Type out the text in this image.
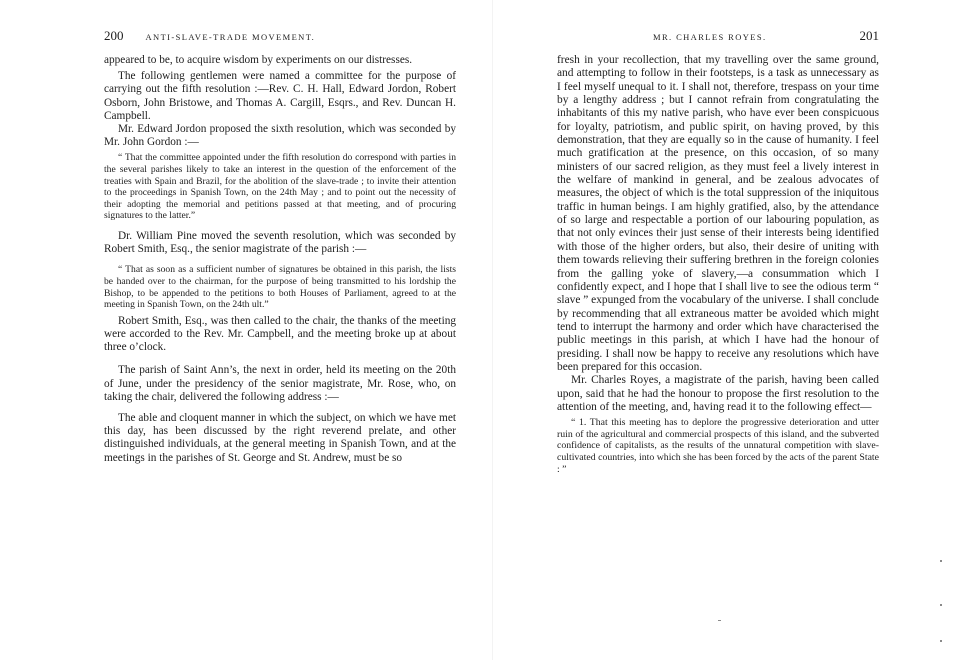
200	ANTI-SLAVE-TRADE MOVEMENT.

appeared to be, to acquire wisdom by experiments on our distresses.

The following gentlemen were named a committee for the purpose of carrying out the fifth resolution :—Rev. C. H. Hall, Edward Jordon, Robert Osborn, John Bristowe, and Thomas A. Cargill, Esqrs., and Rev. Duncan H. Campbell.

Mr. Edward Jordon proposed the sixth resolution, which was seconded by Mr. John Gordon :—

“ That the committee appointed under the fifth resolution do correspond with parties in the several parishes likely to take an interest in the question of the enforcement of the treaties with Spain and Brazil, for the abolition of the slave-trade ; to invite their attention to the proceedings in Spanish Town, on the 24th May ; and to point out the necessity of their adopting the memorial and petitions passed at that meeting, and of procuring signatures to the latter.”

Dr. William Pine moved the seventh resolution, which was seconded by Robert Smith, Esq., the senior magistrate of the parish :—

“ That as soon as a sufficient number of signatures be obtained in this parish, the lists be handed over to the chairman, for the purpose of being transmitted to his lordship the Bishop, to be appended to the petitions to both Houses of Parliament, agreed to at the meeting in Spanish Town, on the 24th ult.”

Robert Smith, Esq., was then called to the chair, the thanks of the meeting were accorded to the Rev. Mr. Campbell, and the meeting broke up at about three o’clock.

The parish of Saint Ann’s, the next in order, held its meeting on the 20th of June, under the presidency of the senior magistrate, Mr. Rose, who, on taking the chair, delivered the following address :—

The able and cloquent manner in which the subject, on which we have met this day, has been discussed by the right reverend prelate, and other distinguished individuals, at the general meeting in Spanish Town, and at the meetings in the parishes of St. George and St. Andrew, must be so

MR. CHARLES ROYES.	201

fresh in your recollection, that my travelling over the same ground, and attempting to follow in their footsteps, is a task as unnecessary as I feel myself unequal to it. I shall not, therefore, trespass on your time by a lengthy address ; but I cannot refrain from congratulating the inhabitants of this my native parish, who have ever been conspicuous for loyalty, patriotism, and public spirit, on having proved, by this demonstration, that they are equally so in the cause of humanity. I feel much gratification at the presence, on this occasion, of so many ministers of our sacred religion, as they must feel a lively interest in the welfare of mankind in general, and be zealous advocates of measures, the object of which is the total suppression of the iniquitous traffic in human beings. I am highly gratified, also, by the attendance of so large and respectable a portion of our labouring population, as that not only evinces their just sense of their interests being identified with those of the higher orders, but also, their desire of uniting with them towards relieving their suffering brethren in the foreign colonies from the galling yoke of slavery,—a consummation which I confidently expect, and I hope that I shall live to see the odious term “ slave ” expunged from the vocabulary of the universe. I shall conclude by recommending that all extraneous matter be avoided which might tend to interrupt the harmony and order which have characterised the public meetings in this parish, at which I have had the honour of presiding. I shall now be happy to receive any resolutions which have been prepared for this occasion.

Mr. Charles Royes, a magistrate of the parish, having been called upon, said that he had the honour to propose the first resolution to the attention of the meeting, and, having read it to the following effect—

“ 1. That this meeting has to deplore the progressive deterioration and utter ruin of the agricultural and commercial prospects of this island, and the subverted confidence of capitalists, as the results of the unnatural competition with slave-cultivated countries, into which she has been forced by the acts of the parent State : ”
